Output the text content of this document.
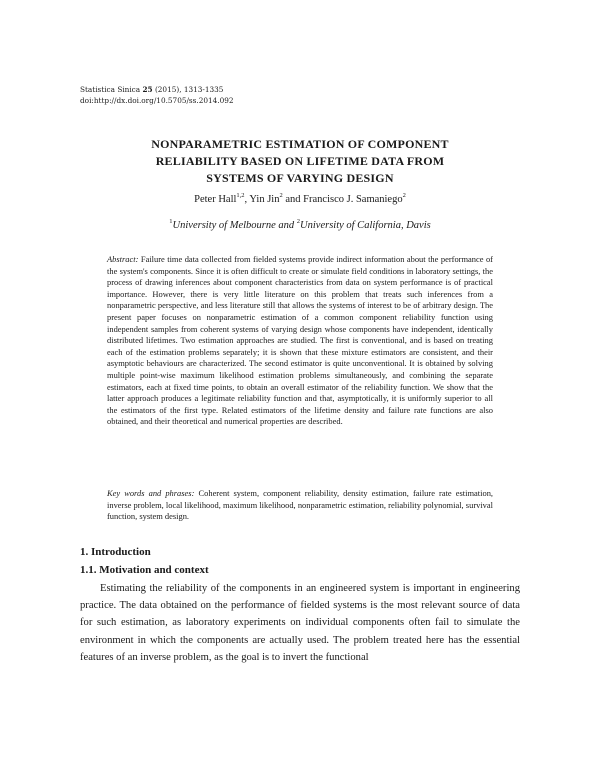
Statistica Sinica 25 (2015), 1313-1335
doi:http://dx.doi.org/10.5705/ss.2014.092
NONPARAMETRIC ESTIMATION OF COMPONENT
RELIABILITY BASED ON LIFETIME DATA FROM
SYSTEMS OF VARYING DESIGN
Peter Hall$^{1,2}$, Yin Jin$^2$ and Francisco J. Samaniego$^2$
$^1$University of Melbourne and $^2$University of California, Davis
Abstract: Failure time data collected from fielded systems provide indirect information about the performance of the system's components. Since it is often difficult to create or simulate field conditions in laboratory settings, the process of drawing inferences about component characteristics from data on system performance is of practical importance. However, there is very little literature on this problem that treats such inferences from a nonparametric perspective, and less literature still that allows the systems of interest to be of arbitrary design. The present paper focuses on nonparametric estimation of a common component reliability function using independent samples from coherent systems of varying design whose components have independent, identically distributed lifetimes. Two estimation approaches are studied. The first is conventional, and is based on treating each of the estimation problems separately; it is shown that these mixture estimators are consistent, and their asymptotic behaviours are characterized. The second estimator is quite unconventional. It is obtained by solving multiple point-wise maximum likelihood estimation problems simultaneously, and combining the separate estimators, each at fixed time points, to obtain an overall estimator of the reliability function. We show that the latter approach produces a legitimate reliability function and that, asymptotically, it is uniformly superior to all the estimators of the first type. Related estimators of the lifetime density and failure rate functions are also obtained, and their theoretical and numerical properties are described.
Key words and phrases: Coherent system, component reliability, density estimation, failure rate estimation, inverse problem, local likelihood, maximum likelihood, nonparametric estimation, reliability polynomial, survival function, system design.
1. Introduction
1.1. Motivation and context
Estimating the reliability of the components in an engineered system is important in engineering practice. The data obtained on the performance of fielded systems is the most relevant source of data for such estimation, as laboratory experiments on individual components often fail to simulate the environment in which the components are actually used. The problem treated here has the essential features of an inverse problem, as the goal is to invert the functional
